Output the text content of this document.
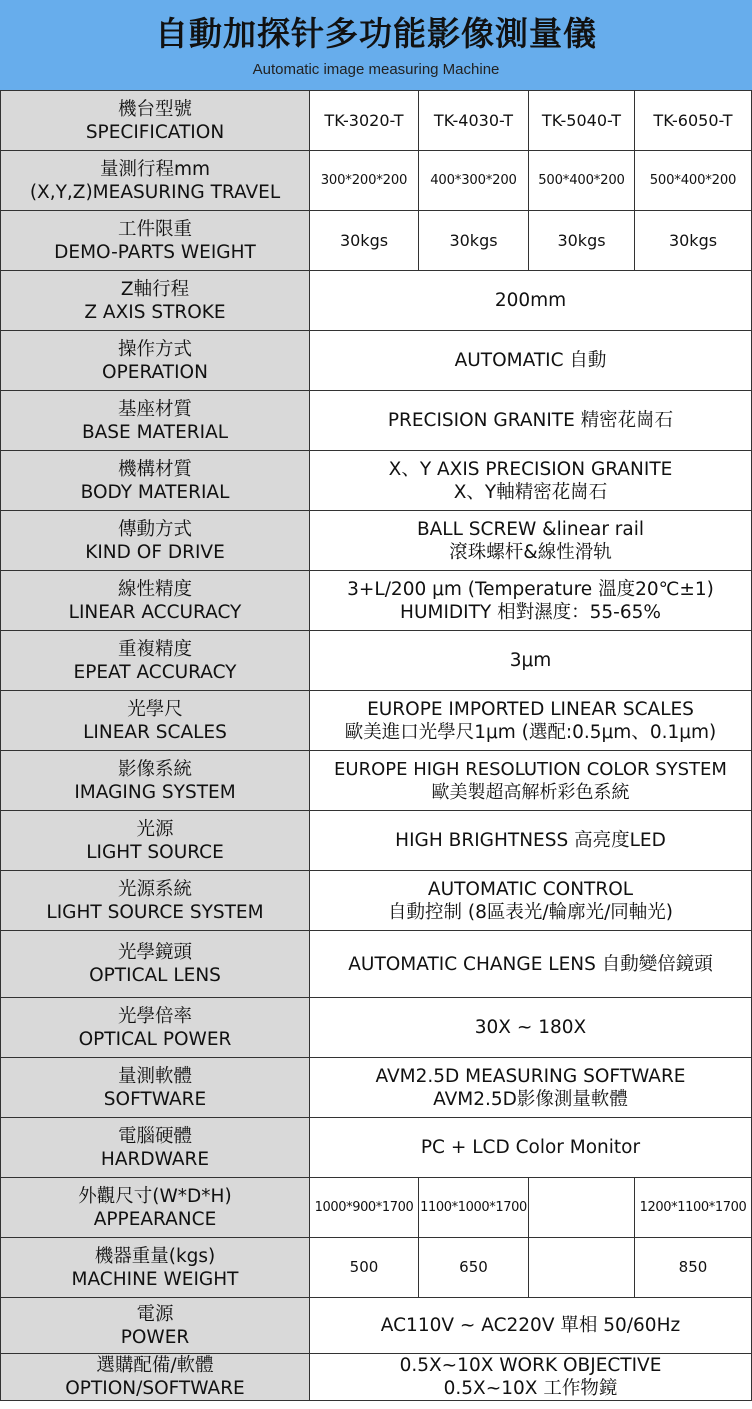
自動加探针多功能影像測量儀
Automatic image measuring Machine
機台型號
SPECIFICATION	TK-3020-T	TK-4030-T	TK-5040-T	TK-6050-T

量測行程mm
(X,Y,Z)MEASURING TRAVEL	300*200*200	400*300*200	500*400*200	500*400*200

工件限重
DEMO-PARTS WEIGHT	30kgs	30kgs	30kgs	30kgs

Z軸行程
Z AXIS STROKE	200mm			

操作方式
OPERATION	AUTOMATIC 自動			

基座材質
BASE MATERIAL	PRECISION GRANITE 精密花崗石			

機構材質
BODY MATERIAL	X、Y AXIS PRECISION GRANITE
X、Y軸精密花崗石			

傳動方式
KIND OF DRIVE	BALL SCREW &linear rail
滾珠螺杆&線性滑轨			

線性精度
LINEAR ACCURACY	3+L/200 μm (Temperature 溫度20℃±1)
HUMIDITY 相對濕度：55-65%			

重複精度
EPEAT ACCURACY	3μm			

光學尺
LINEAR SCALES	EUROPE IMPORTED LINEAR SCALES
歐美進口光學尺1μm (選配:0.5μm、0.1μm)			

影像系統
IMAGING SYSTEM	EUROPE HIGH RESOLUTION COLOR SYSTEM
歐美製超高解析彩色系統			

光源
LIGHT SOURCE	HIGH BRIGHTNESS 高亮度LED			

光源系統
LIGHT SOURCE SYSTEM	AUTOMATIC CONTROL
自動控制 (8區表光/輪廓光/同軸光)			

光學鏡頭
OPTICAL LENS	AUTOMATIC CHANGE LENS 自動變倍鏡頭			

光學倍率
OPTICAL POWER	30X ~ 180X			

量測軟體
SOFTWARE	AVM2.5D MEASURING SOFTWARE
AVM2.5D影像測量軟體			

電腦硬體
HARDWARE	PC + LCD Color Monitor			

外觀尺寸(W*D*H)
APPEARANCE	1000*900*1700	1100*1000*1700		1200*1100*1700

機器重量(kgs)
MACHINE WEIGHT	500	650		850

電源
POWER	AC110V ~ AC220V 單相 50/60Hz			

選購配備/軟體
OPTION/SOFTWARE	0.5X~10X WORK OBJECTIVE
0.5X~10X 工作物鏡			
